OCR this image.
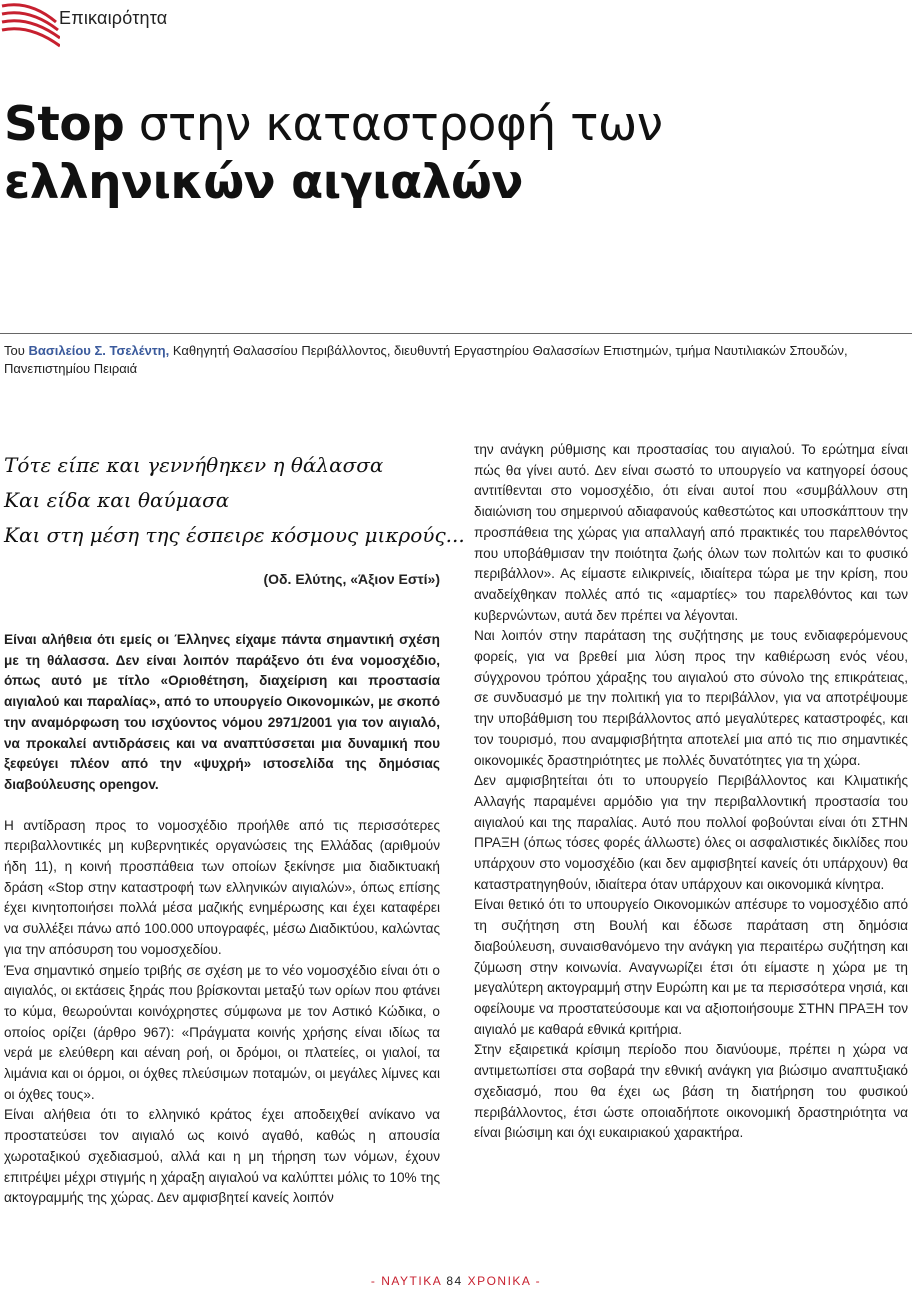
Επικαιρότητα
Stop στην καταστροφή των ελληνικών αιγιαλών
Του Βασιλείου Σ. Τσελέντη, Καθηγητή Θαλασσίου Περιβάλλοντος, διευθυντή Εργαστηρίου Θαλασσίων Επιστημών, τμήμα Ναυτιλιακών Σπουδών, Πανεπιστημίου Πειραιά
Τότε είπε και γεννήθηκεν η θάλασσα
Και είδα και θαύμασα
Και στη μέση της έσπειρε κόσμους μικρούς...
(Οδ. Ελύτης, «Άξιον Εστί»)

Είναι αλήθεια ότι εμείς οι Έλληνες είχαμε πάντα σημαντική σχέση με τη θάλασσα. Δεν είναι λοιπόν παράξενο ότι ένα νομοσχέδιο, όπως αυτό με τίτλο «Οριοθέτηση, διαχείριση και προστασία αιγιαλού και παραλίας», από το υπουργείο Οικονομικών, με σκοπό την αναμόρφωση του ισχύοντος νόμου 2971/2001 για τον αιγιαλό, να προκαλεί αντιδράσεις και να αναπτύσσεται μια δυναμική που ξεφεύγει πλέον από την «ψυχρή» ιστοσελίδα της δημόσιας διαβούλευσης opengov.

Η αντίδραση προς το νομοσχέδιο προήλθε από τις περισσότερες περιβαλλοντικές μη κυβερνητικές οργανώσεις της Ελλάδας (αριθμούν ήδη 11), η κοινή προσπάθεια των οποίων ξεκίνησε μια διαδικτυακή δράση «Stop στην καταστροφή των ελληνικών αιγιαλών», όπως επίσης έχει κινητοποιήσει πολλά μέσα μαζικής ενημέρωσης και έχει καταφέρει να συλλέξει πάνω από 100.000 υπογραφές, μέσω Διαδικτύου, καλώντας για την απόσυρση του νομοσχεδίου.

Ένα σημαντικό σημείο τριβής σε σχέση με το νέο νομοσχέδιο είναι ότι ο αιγιαλός, οι εκτάσεις ξηράς που βρίσκονται μεταξύ των ορίων που φτάνει το κύμα, θεωρούνται κοινόχρηστες σύμφωνα με τον Αστικό Κώδικα, ο οποίος ορίζει (άρθρο 967): «Πράγματα κοινής χρήσης είναι ιδίως τα νερά με ελεύθερη και αέναη ροή, οι δρόμοι, οι πλατείες, οι γιαλοί, τα λιμάνια και οι όρμοι, οι όχθες πλεύσιμων ποταμών, οι μεγάλες λίμνες και οι όχθες τους».

Είναι αλήθεια ότι το ελληνικό κράτος έχει αποδειχθεί ανίκανο να προστατεύσει τον αιγιαλό ως κοινό αγαθό, καθώς η απουσία χωροταξικού σχεδιασμού, αλλά και η μη τήρηση των νόμων, έχουν επιτρέψει μέχρι στιγμής η χάραξη αιγιαλού να καλύπτει μόλις το 10% της ακτογραμμής της χώρας. Δεν αμφισβητεί κανείς λοιπόν

την ανάγκη ρύθμισης και προστασίας του αιγιαλού. Το ερώτημα είναι πώς θα γίνει αυτό. Δεν είναι σωστό το υπουργείο να κατηγορεί όσους αντιτίθενται στο νομοσχέδιο, ότι είναι αυτοί που «συμβάλλουν στη διαιώνιση του σημερινού αδιαφανούς καθεστώτος και υποσκάπτουν την προσπάθεια της χώρας για απαλλαγή από πρακτικές του παρελθόντος που υποβάθμισαν την ποιότητα ζωής όλων των πολιτών και το φυσικό περιβάλλον». Ας είμαστε ειλικρινείς, ιδιαίτερα τώρα με την κρίση, που αναδείχθηκαν πολλές από τις «αμαρτίες» του παρελθόντος και των κυβερνώντων, αυτά δεν πρέπει να λέγονται.

Ναι λοιπόν στην παράταση της συζήτησης με τους ενδιαφερόμενους φορείς, για να βρεθεί μια λύση προς την καθιέρωση ενός νέου, σύγχρονου τρόπου χάραξης του αιγιαλού στο σύνολο της επικράτειας, σε συνδυασμό με την πολιτική για το περιβάλλον, για να αποτρέψουμε την υποβάθμιση του περιβάλλοντος από μεγαλύτερες καταστροφές, και τον τουρισμό, που αναμφισβήτητα αποτελεί μια από τις πιο σημαντικές οικονομικές δραστηριότητες με πολλές δυνατότητες για τη χώρα.

Δεν αμφισβητείται ότι το υπουργείο Περιβάλλοντος και Κλιματικής Αλλαγής παραμένει αρμόδιο για την περιβαλλοντική προστασία του αιγιαλού και της παραλίας. Αυτό που πολλοί φοβούνται είναι ότι ΣΤΗΝ ΠΡΑΞΗ (όπως τόσες φορές άλλωστε) όλες οι ασφαλιστικές δικλίδες που υπάρχουν στο νομοσχέδιο (και δεν αμφισβητεί κανείς ότι υπάρχουν) θα καταστρατηγηθούν, ιδιαίτερα όταν υπάρχουν και οικονομικά κίνητρα.

Είναι θετικό ότι το υπουργείο Οικονομικών απέσυρε το νομοσχέδιο από τη συζήτηση στη Βουλή και έδωσε παράταση στη δημόσια διαβούλευση, συναισθανόμενο την ανάγκη για περαιτέρω συζήτηση και ζύμωση στην κοινωνία. Αναγνωρίζει έτσι ότι είμαστε η χώρα με τη μεγαλύτερη ακτογραμμή στην Ευρώπη και με τα περισσότερα νησιά, και οφείλουμε να προστατεύσουμε και να αξιοποιήσουμε ΣΤΗΝ ΠΡΑΞΗ τον αιγιαλό με καθαρά εθνικά κριτήρια.

Στην εξαιρετικά κρίσιμη περίοδο που διανύουμε, πρέπει η χώρα να αντιμετωπίσει στα σοβαρά την εθνική ανάγκη για βιώσιμο αναπτυξιακό σχεδιασμό, που θα έχει ως βάση τη διατήρηση του φυσικού περιβάλλοντος, έτσι ώστε οποιαδήποτε οικονομική δραστηριότητα να είναι βιώσιμη και όχι ευκαιριακού χαρακτήρα.

- ΝΑΥΤΙΚΑ 84 ΧΡΟΝΙΚΑ -
